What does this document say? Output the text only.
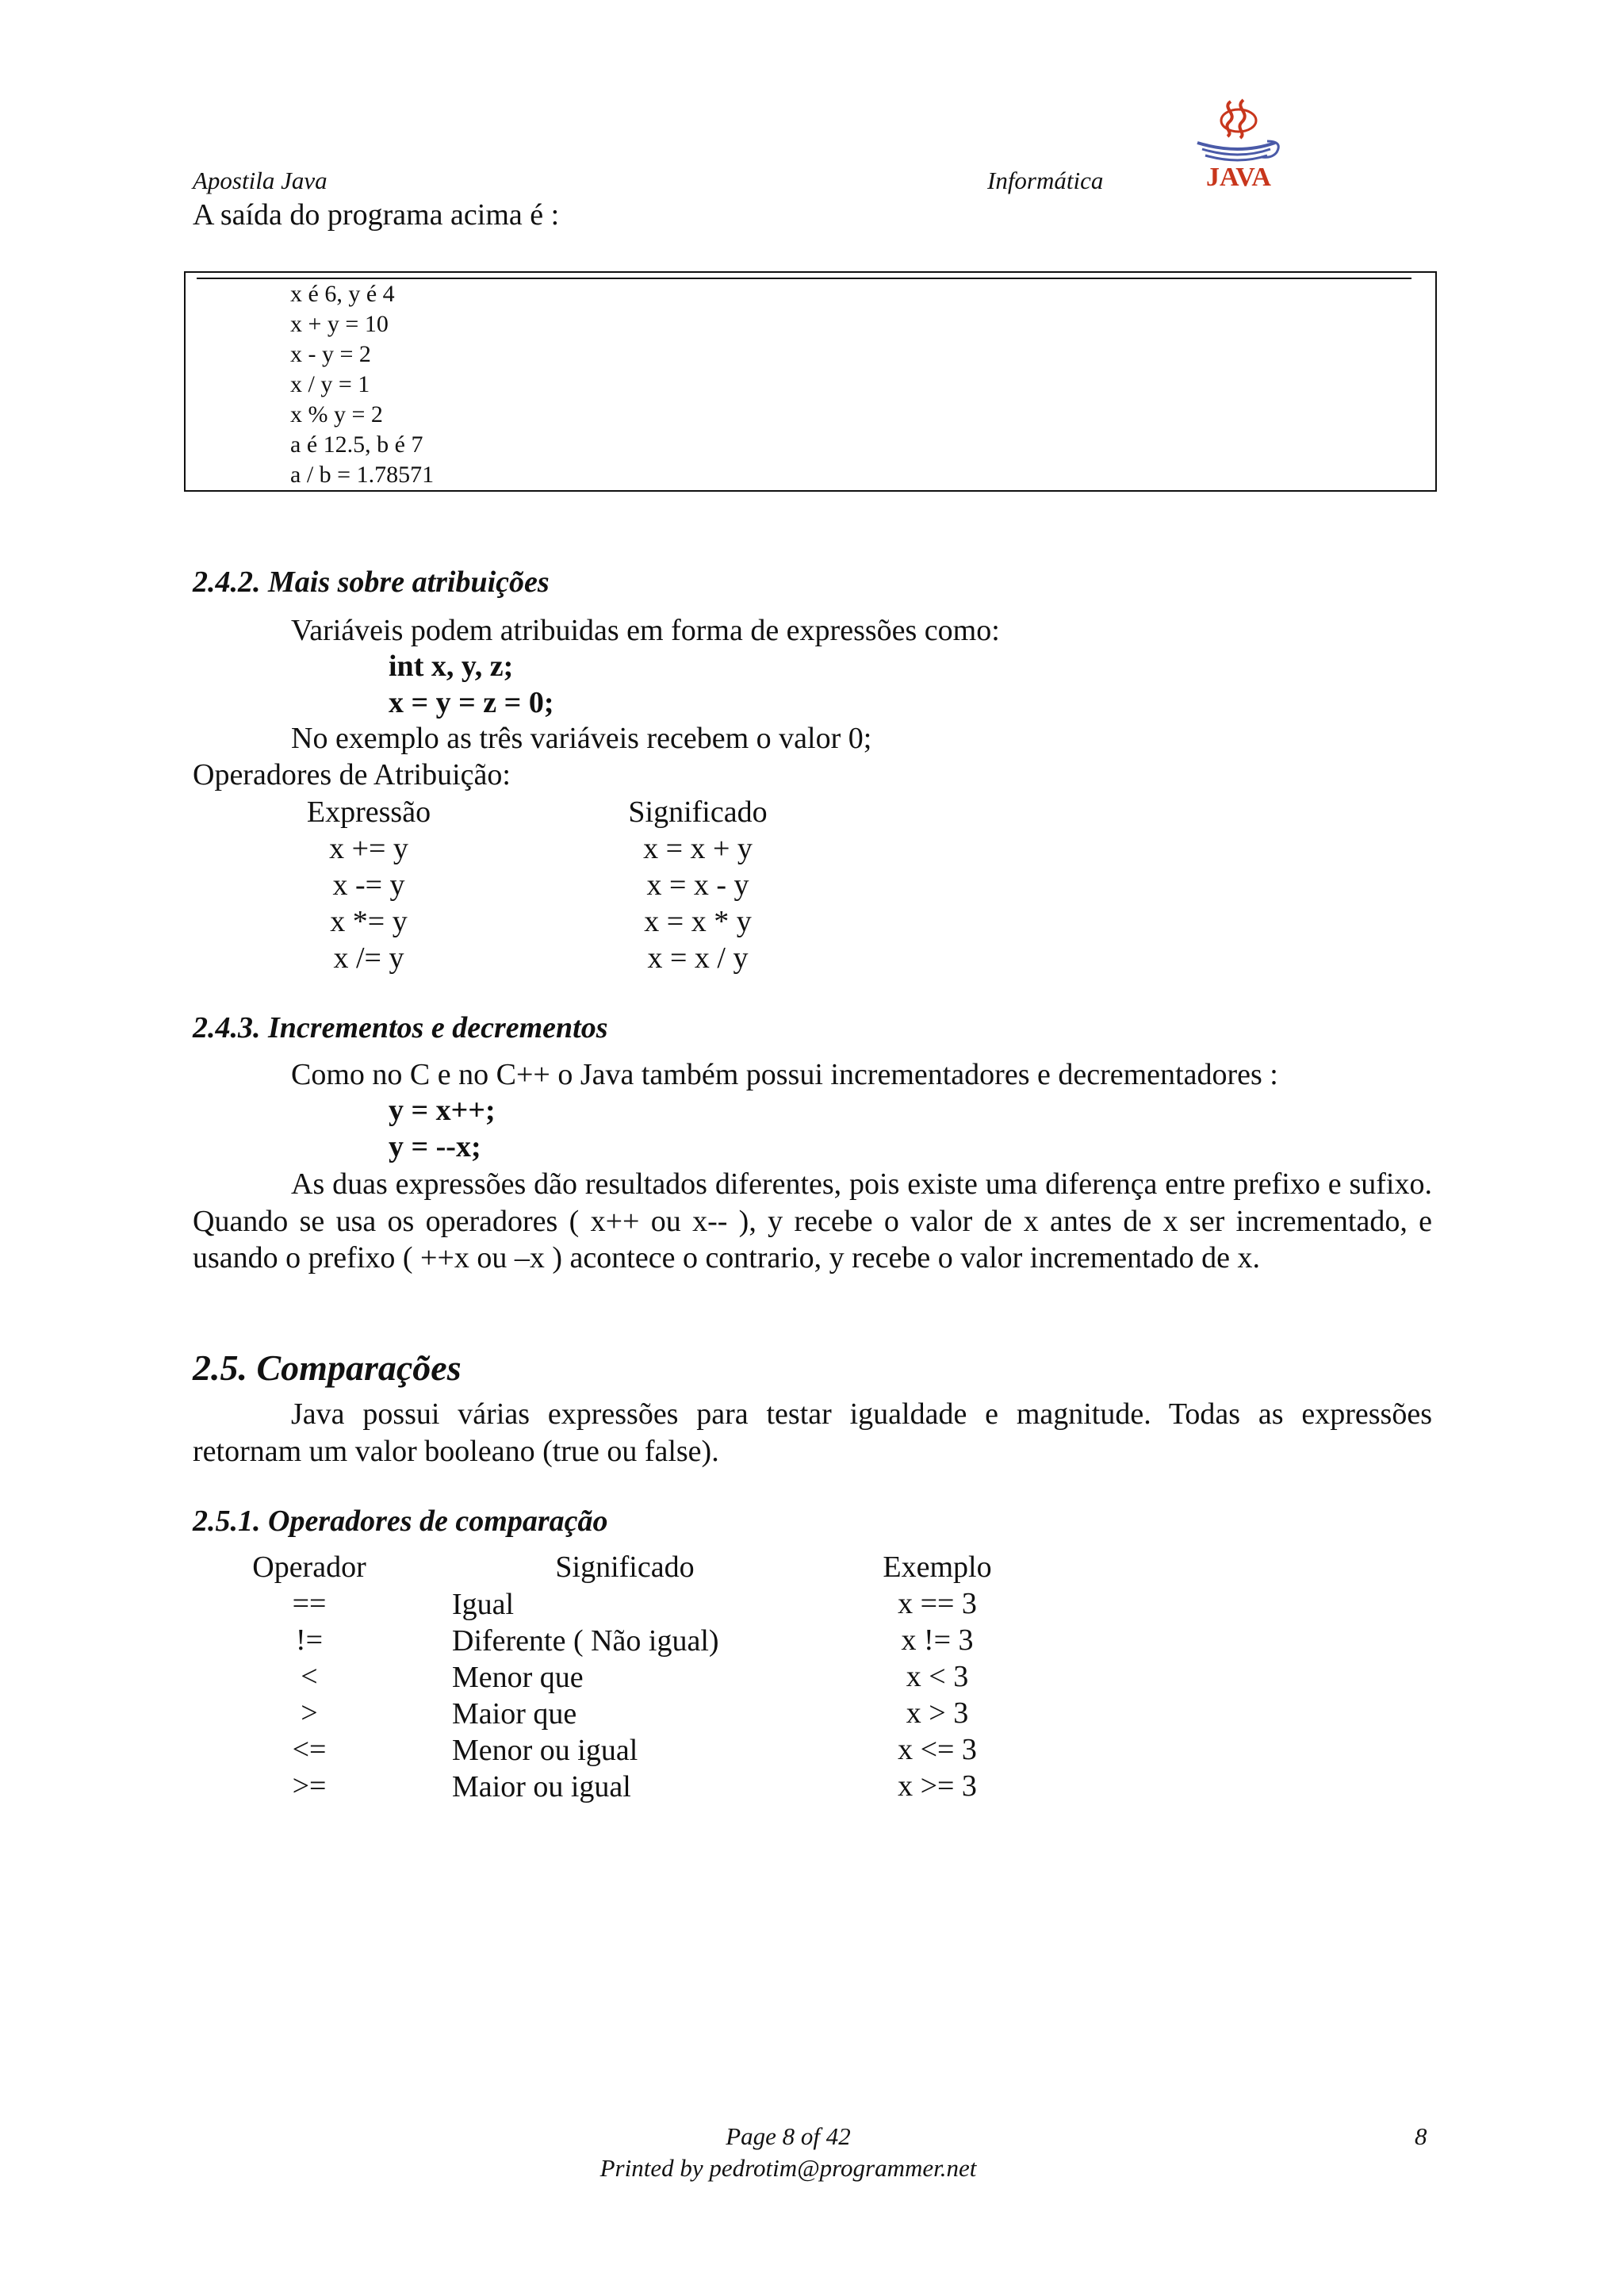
Apostila Java	Informática	JAVA
A saída do programa acima é :
x é 6, y é 4
x + y = 10
x - y = 2
x / y = 1
x % y = 2
a é 12.5, b é 7
a / b = 1.78571
2.4.2. Mais sobre atribuições
Variáveis podem atribuidas em forma de expressões como:
int x, y, z;
x = y = z = 0;
No exemplo as três variáveis recebem o valor 0;
Operadores de Atribuição:
Expressão	Significado
x += y	x = x + y
x -= y	x = x - y
x *= y	x = x * y
x /= y	x = x / y
2.4.3. Incrementos e decrementos
Como no C e no C++ o Java também possui incrementadores e decrementadores :
y = x++;
y = --x;
As duas expressões dão resultados diferentes, pois existe uma diferença entre prefixo e sufixo. Quando se usa os operadores ( x++ ou x-- ), y recebe o valor de x antes de x ser incrementado, e usando o prefixo ( ++x ou –x ) acontece o contrario, y recebe o valor incrementado de x.
2.5. Comparações
Java possui várias expressões para testar igualdade e magnitude. Todas as expressões retornam um valor booleano (true ou false).
2.5.1. Operadores de comparação
Operador	Significado	Exemplo
==	Igual	x == 3
!=	Diferente ( Não igual)	x != 3
<	Menor que	x < 3
>	Maior que	x > 3
<=	Menor ou igual	x <= 3
>=	Maior ou igual	x >= 3
Page 8 of 42
Printed by pedrotim@programmer.net
8
